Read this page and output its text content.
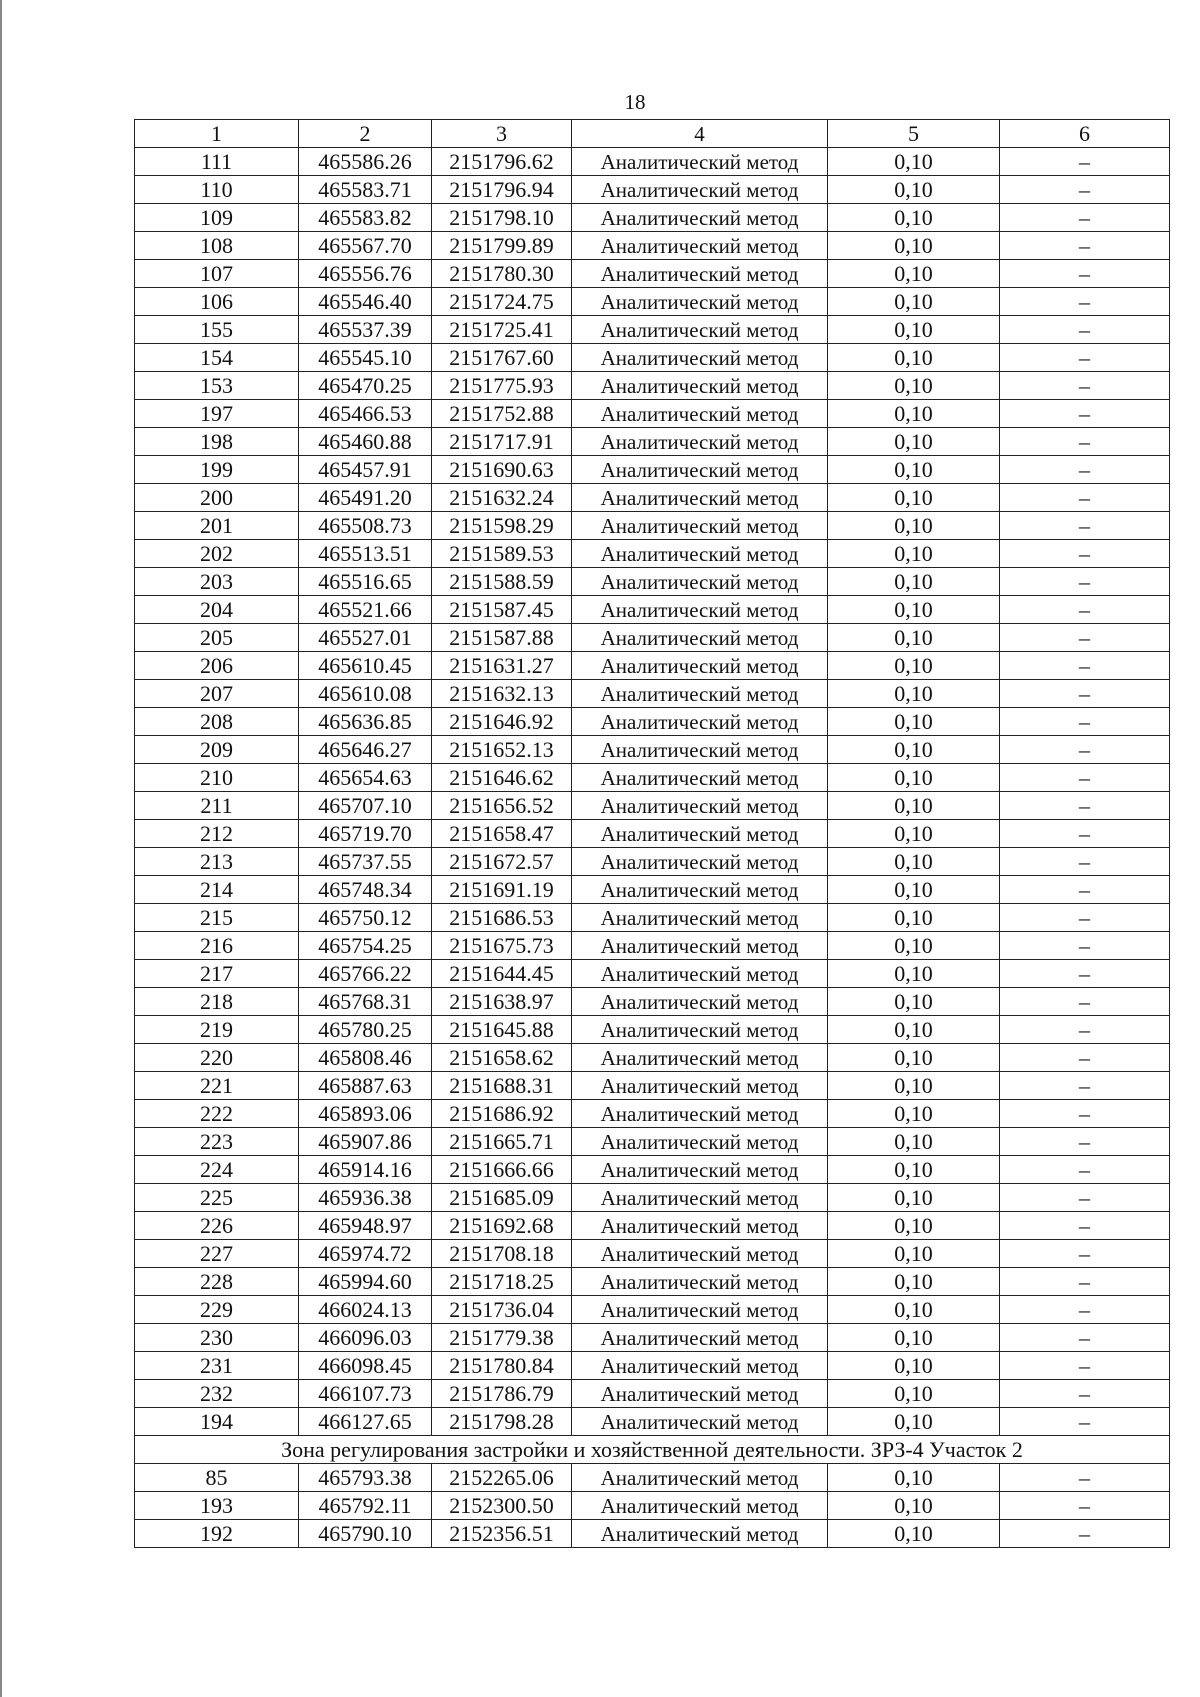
18
1	2	3	4	5	6
111	465586.26	2151796.62	Аналитический метод	0,10	–
110	465583.71	2151796.94	Аналитический метод	0,10	–
109	465583.82	2151798.10	Аналитический метод	0,10	–
108	465567.70	2151799.89	Аналитический метод	0,10	–
107	465556.76	2151780.30	Аналитический метод	0,10	–
106	465546.40	2151724.75	Аналитический метод	0,10	–
155	465537.39	2151725.41	Аналитический метод	0,10	–
154	465545.10	2151767.60	Аналитический метод	0,10	–
153	465470.25	2151775.93	Аналитический метод	0,10	–
197	465466.53	2151752.88	Аналитический метод	0,10	–
198	465460.88	2151717.91	Аналитический метод	0,10	–
199	465457.91	2151690.63	Аналитический метод	0,10	–
200	465491.20	2151632.24	Аналитический метод	0,10	–
201	465508.73	2151598.29	Аналитический метод	0,10	–
202	465513.51	2151589.53	Аналитический метод	0,10	–
203	465516.65	2151588.59	Аналитический метод	0,10	–
204	465521.66	2151587.45	Аналитический метод	0,10	–
205	465527.01	2151587.88	Аналитический метод	0,10	–
206	465610.45	2151631.27	Аналитический метод	0,10	–
207	465610.08	2151632.13	Аналитический метод	0,10	–
208	465636.85	2151646.92	Аналитический метод	0,10	–
209	465646.27	2151652.13	Аналитический метод	0,10	–
210	465654.63	2151646.62	Аналитический метод	0,10	–
211	465707.10	2151656.52	Аналитический метод	0,10	–
212	465719.70	2151658.47	Аналитический метод	0,10	–
213	465737.55	2151672.57	Аналитический метод	0,10	–
214	465748.34	2151691.19	Аналитический метод	0,10	–
215	465750.12	2151686.53	Аналитический метод	0,10	–
216	465754.25	2151675.73	Аналитический метод	0,10	–
217	465766.22	2151644.45	Аналитический метод	0,10	–
218	465768.31	2151638.97	Аналитический метод	0,10	–
219	465780.25	2151645.88	Аналитический метод	0,10	–
220	465808.46	2151658.62	Аналитический метод	0,10	–
221	465887.63	2151688.31	Аналитический метод	0,10	–
222	465893.06	2151686.92	Аналитический метод	0,10	–
223	465907.86	2151665.71	Аналитический метод	0,10	–
224	465914.16	2151666.66	Аналитический метод	0,10	–
225	465936.38	2151685.09	Аналитический метод	0,10	–
226	465948.97	2151692.68	Аналитический метод	0,10	–
227	465974.72	2151708.18	Аналитический метод	0,10	–
228	465994.60	2151718.25	Аналитический метод	0,10	–
229	466024.13	2151736.04	Аналитический метод	0,10	–
230	466096.03	2151779.38	Аналитический метод	0,10	–
231	466098.45	2151780.84	Аналитический метод	0,10	–
232	466107.73	2151786.79	Аналитический метод	0,10	–
194	466127.65	2151798.28	Аналитический метод	0,10	–
Зона регулирования застройки и хозяйственной деятельности. ЗРЗ-4 Участок 2					
85	465793.38	2152265.06	Аналитический метод	0,10	–
193	465792.11	2152300.50	Аналитический метод	0,10	–
192	465790.10	2152356.51	Аналитический метод	0,10	–
